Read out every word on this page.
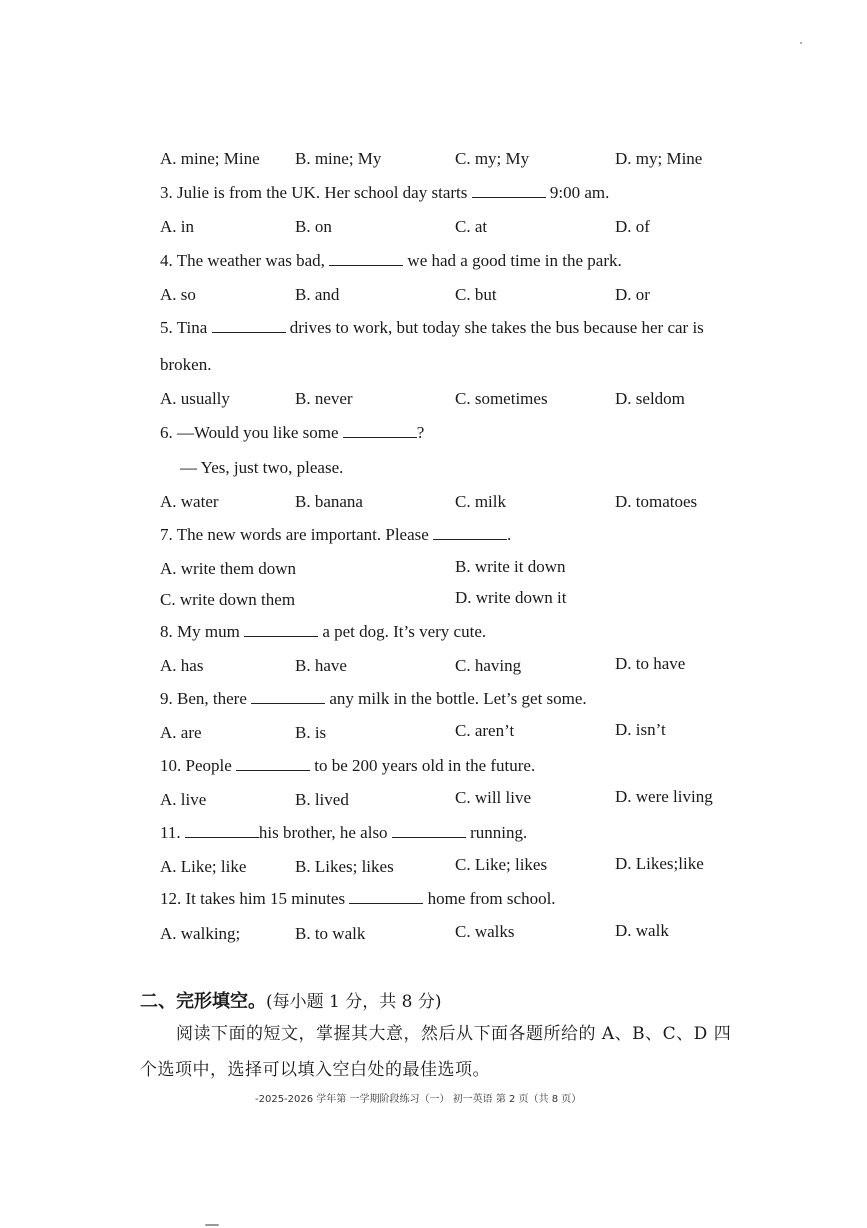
A. mine; Mine B. mine; My	C. my; My	D. my; Mine
3. Julie is from the UK. Her school day starts	9:00 am.
A. in	B. on	C. at	D. of
4. The weather was bad,	we had a good time in the park.
A. so	B. and	C. but	D. or
5. Tina	drives to work, but today she takes the bus because her car is
broken.
A. usually	B. never	C. sometimes	D. seldom
6. —Would you like some	?
— Yes, just two, please.
A. water	B. banana	C. milk	D. tomatoes
7. The new words are important. Please	.
A. write them down	B. write it down
C. write down them	D. write down it
8. My mum	a pet dog. It’s very cute.
A. has	B. have	C. having	D. to have
9. Ben, there	any milk in the bottle. Let’s get some.
A. are	B. is	C. aren’t	D. isn’t
10. People	to be 200 years old in the future.
A. live	B. lived	C. will live	D. were living
11.	his brother, he also	running.
A. Like; like	B. Likes; likes	C. Like; likes	D. Likes;like
12. It takes him 15 minutes	home from school.
A. walking;	B. to walk	C. walks	D. walk
二、完形填空。(每小题 1 分，共 8 分)
阅读下面的短文，掌握其大意，然后从下面各题所给的 A、B、C、D 四
个选项中，选择可以填入空白处的最佳选项。
-2025-2026 学年第 一学期阶段练习（一） 初一英语 第 2 页（共 8 页）
